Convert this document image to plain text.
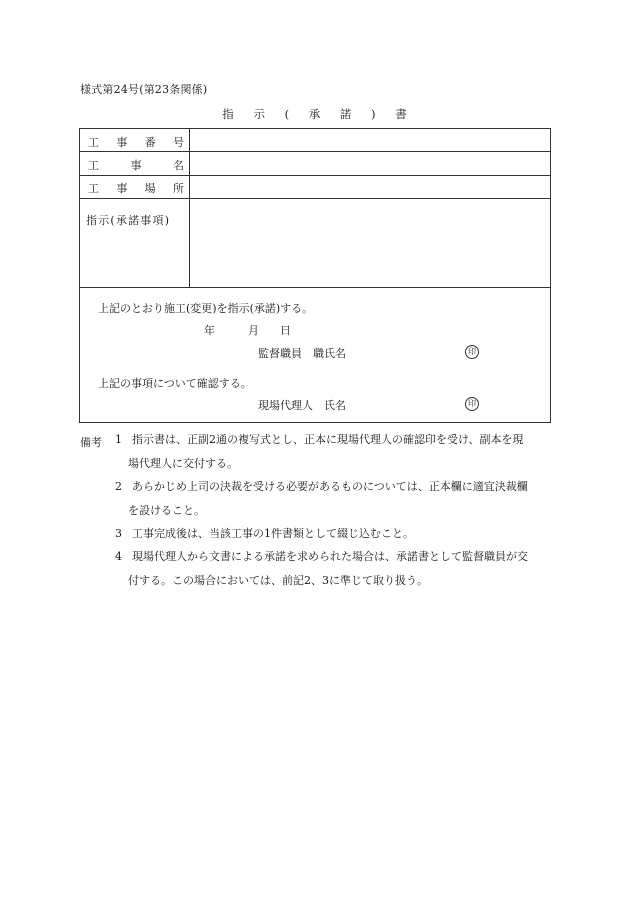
様式第24号(第23条関係)
指 示 ( 承 諾 ) 書
工 事 番 号
工	事	名
工 事 場 所
指示(承諾事項)
上記のとおり施工(変更)を指示(承諾)する。
年	月 日
監督職員　職氏名	印
上記の事項について確認する。
現場代理人　氏名	印
備考 1 指示書は、正副2通の複写式とし、正本に現場代理人の確認印を受け、副本を現
場代理人に交付する。
2 あらかじめ上司の決裁を受ける必要があるものについては、正本欄に適宜決裁欄
を設けること。
3 工事完成後は、当該工事の1件書類として綴じ込むこと。
4 現場代理人から文書による承諾を求められた場合は、承諾書として監督職員が交
付する。この場合においては、前記2、3に準じて取り扱う。
